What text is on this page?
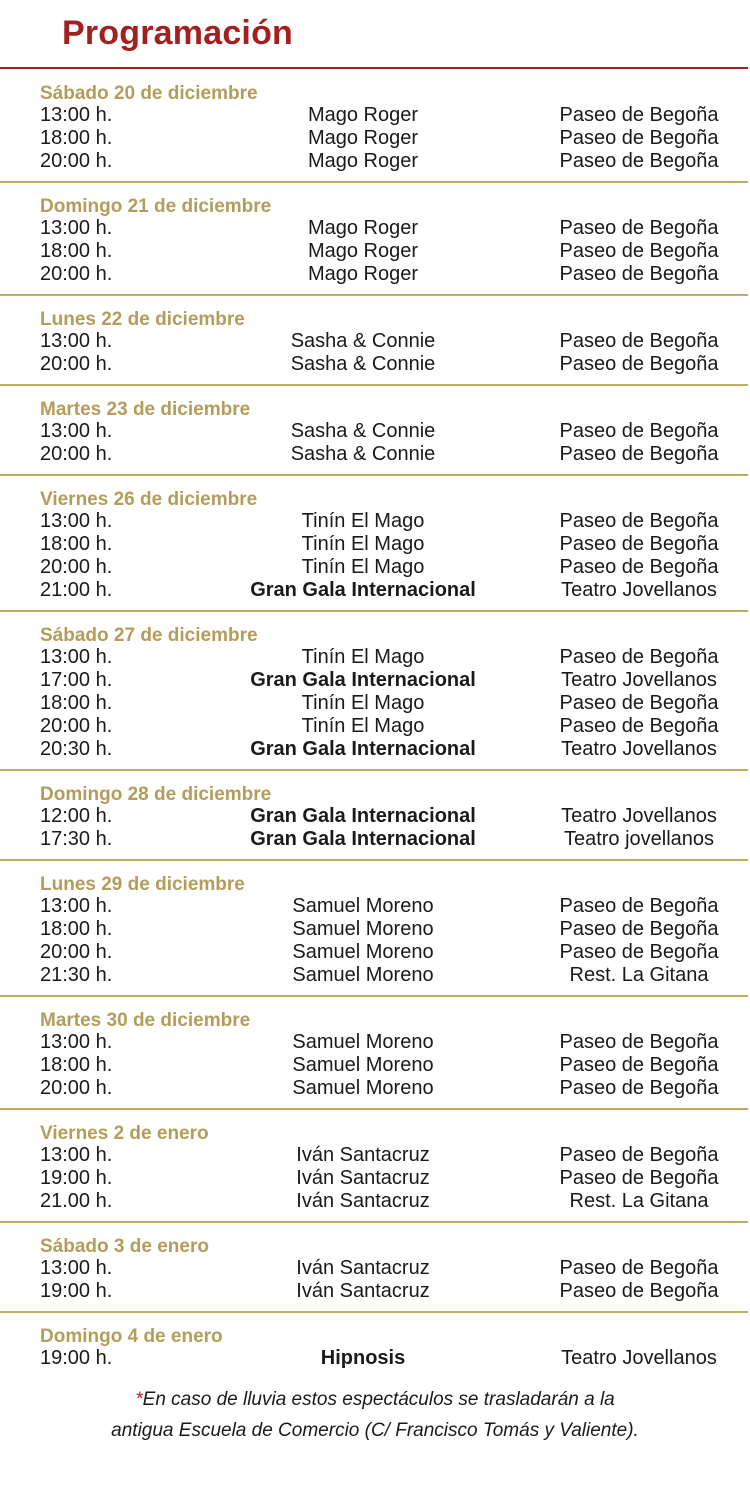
Programación
Sábado 20 de diciembre
13:00 h.	Mago Roger	Paseo de Begoña
18:00 h.	Mago Roger	Paseo de Begoña
20:00 h.	Mago Roger	Paseo de Begoña
Domingo 21 de diciembre
13:00 h.	Mago Roger	Paseo de Begoña
18:00 h.	Mago Roger	Paseo de Begoña
20:00 h.	Mago Roger	Paseo de Begoña
Lunes 22 de diciembre
13:00 h.	Sasha & Connie	Paseo de Begoña
20:00 h.	Sasha & Connie	Paseo de Begoña
Martes 23 de diciembre
13:00 h.	Sasha & Connie	Paseo de Begoña
20:00 h.	Sasha & Connie	Paseo de Begoña
Viernes 26 de diciembre
13:00 h.	Tinín El Mago	Paseo de Begoña
18:00 h.	Tinín El Mago	Paseo de Begoña
20:00 h.	Tinín El Mago	Paseo de Begoña
21:00 h.	Gran Gala Internacional	Teatro Jovellanos
Sábado 27 de diciembre
13:00 h.	Tinín El Mago	Paseo de Begoña
17:00 h.	Gran Gala Internacional	Teatro Jovellanos
18:00 h.	Tinín El Mago	Paseo de Begoña
20:00 h.	Tinín El Mago	Paseo de Begoña
20:30 h.	Gran Gala Internacional	Teatro Jovellanos
Domingo 28 de diciembre
12:00 h.	Gran Gala Internacional	Teatro Jovellanos
17:30 h.	Gran Gala Internacional	Teatro jovellanos
Lunes 29 de diciembre
13:00 h.	Samuel Moreno	Paseo de Begoña
18:00 h.	Samuel Moreno	Paseo de Begoña
20:00 h.	Samuel Moreno	Paseo de Begoña
21:30 h.	Samuel Moreno	Rest. La Gitana
Martes 30 de diciembre
13:00 h.	Samuel Moreno	Paseo de Begoña
18:00 h.	Samuel Moreno	Paseo de Begoña
20:00 h.	Samuel Moreno	Paseo de Begoña
Viernes 2 de enero
13:00 h.	Iván Santacruz	Paseo de Begoña
19:00 h.	Iván Santacruz	Paseo de Begoña
21.00 h.	Iván Santacruz	Rest. La Gitana
Sábado 3 de enero
13:00 h.	Iván Santacruz	Paseo de Begoña
19:00 h.	Iván Santacruz	Paseo de Begoña
Domingo 4 de enero
19:00 h.	Hipnosis	Teatro Jovellanos
*En caso de lluvia estos espectáculos se trasladarán a la
antigua Escuela de Comercio (C/ Francisco Tomás y Valiente).
